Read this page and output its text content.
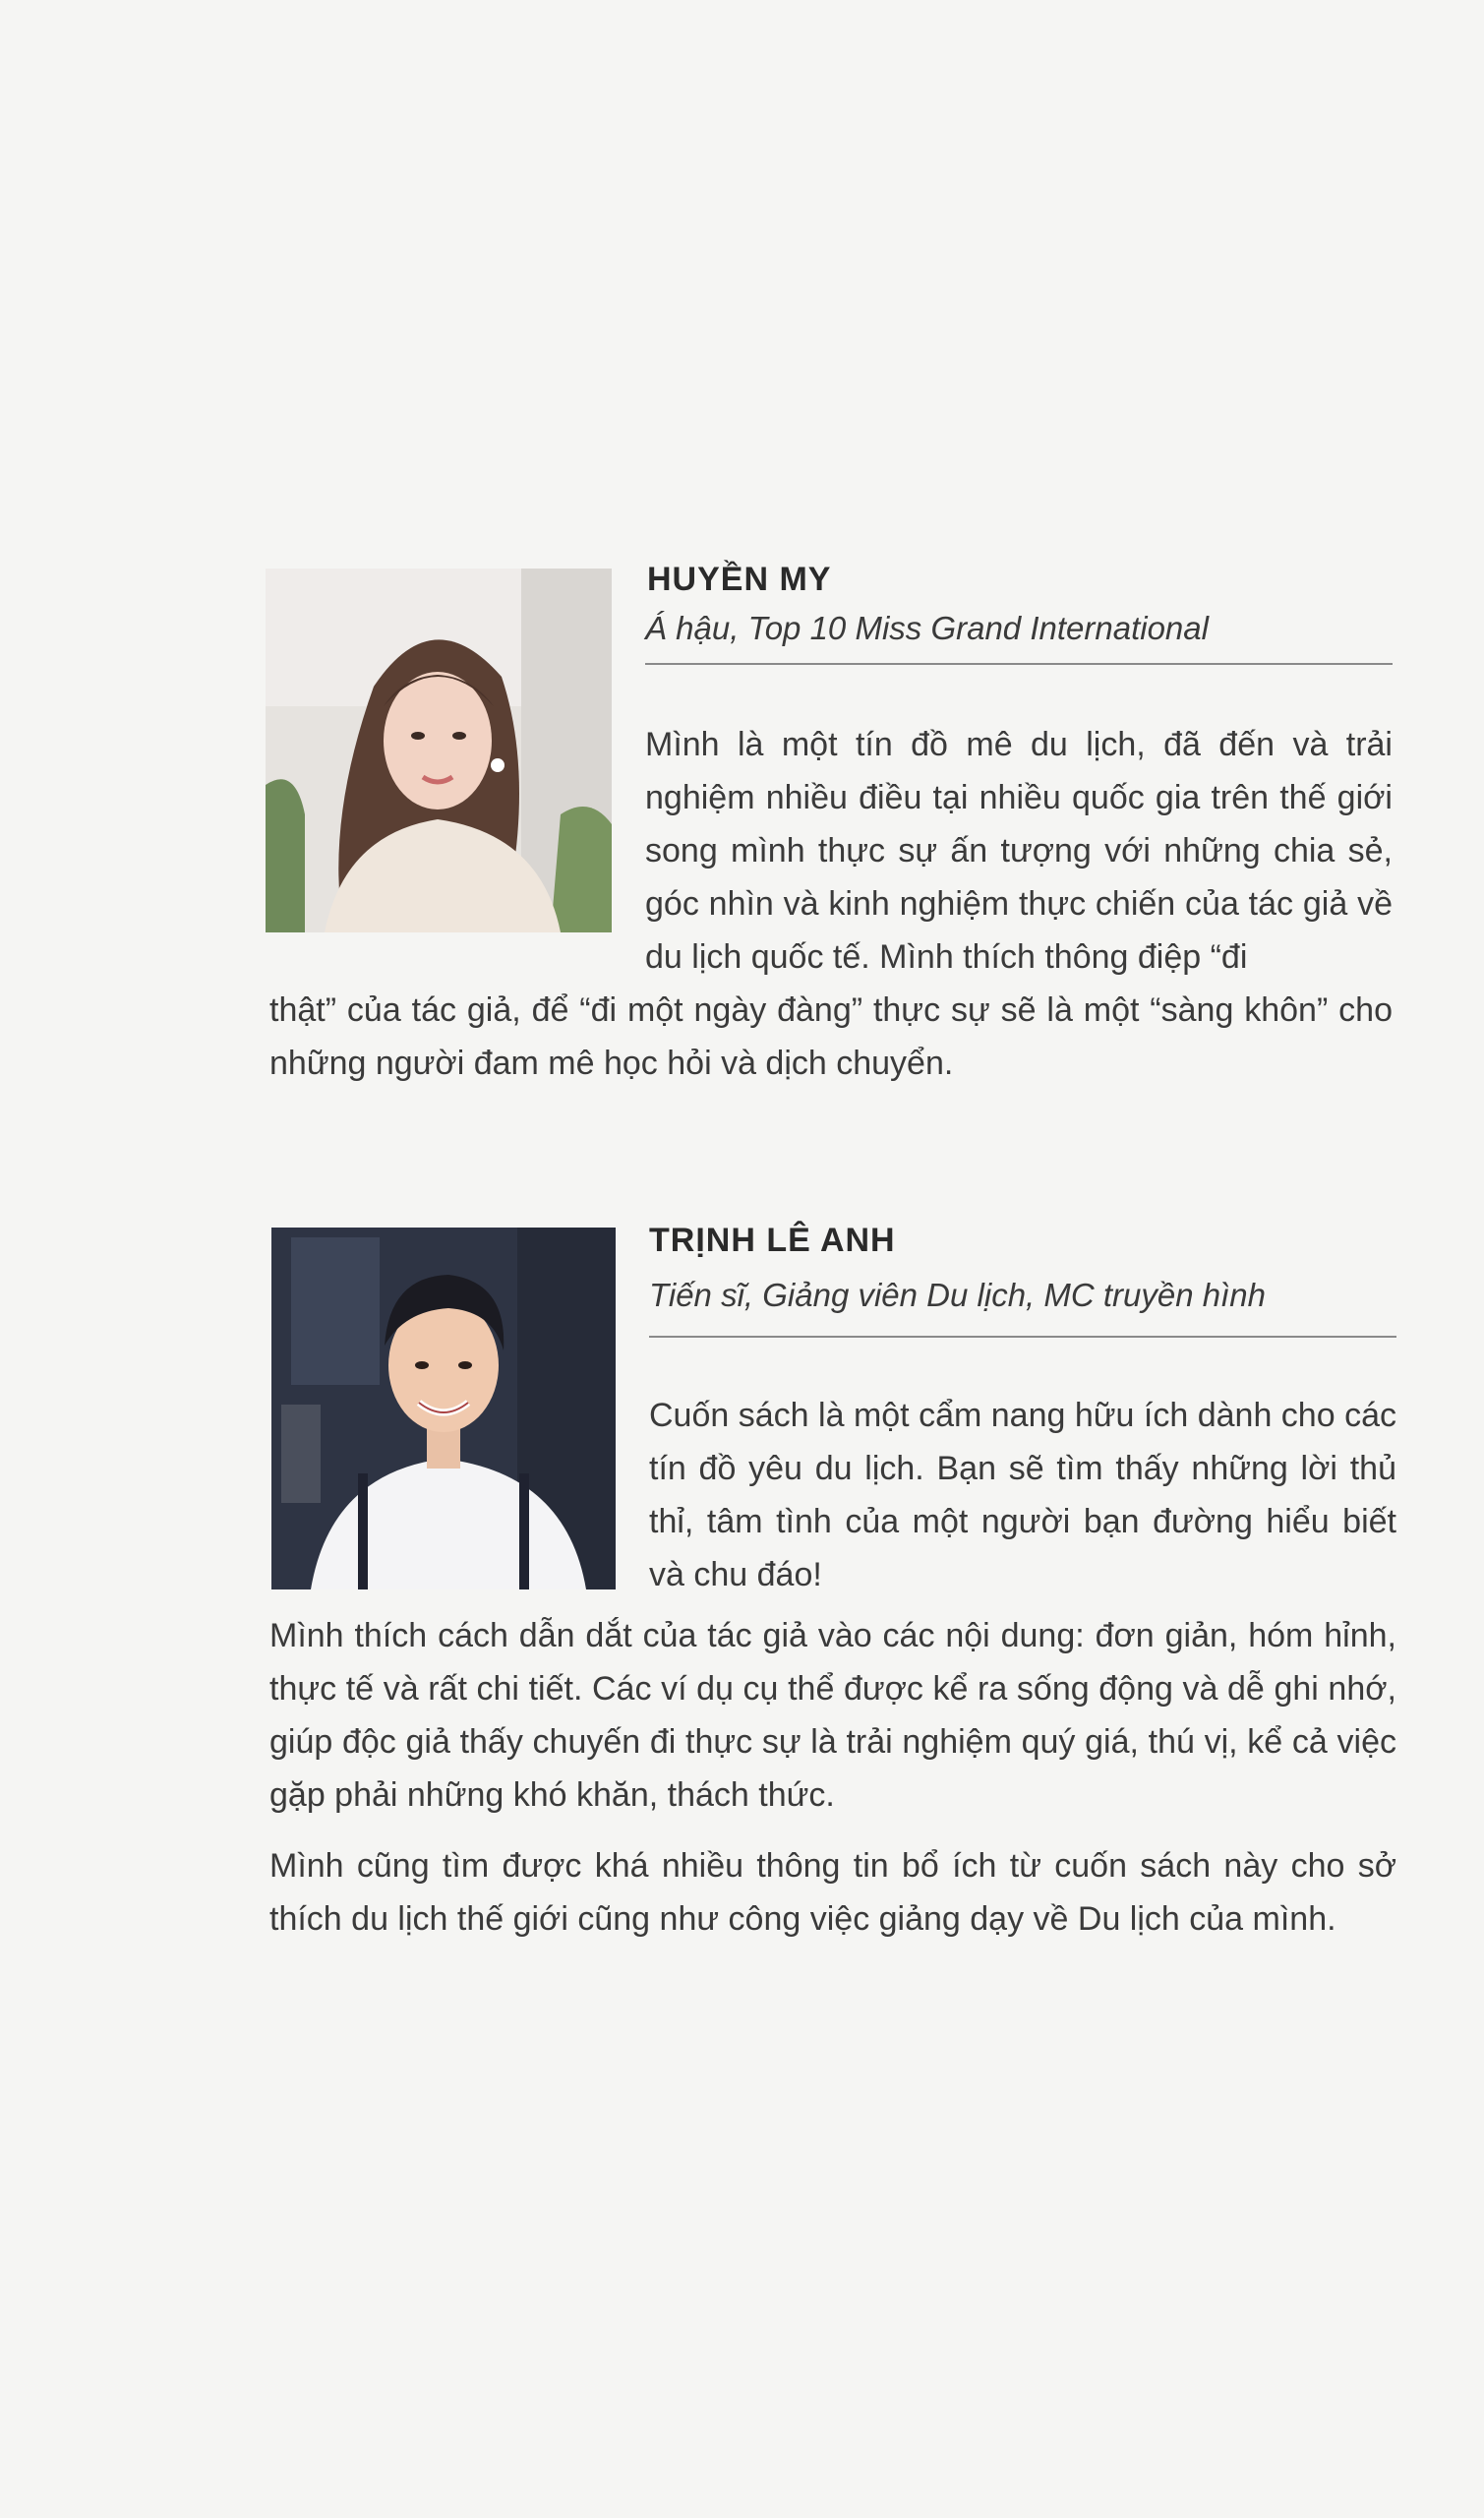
HUYỀN MY
Á hậu, Top 10 Miss Grand International

Mình là một tín đồ mê du lịch, đã đến và trải nghiệm nhiều điều tại nhiều quốc gia trên thế giới song mình thực sự ấn tượng với những chia sẻ, góc nhìn và kinh nghiệm thực chiến của tác giả về du lịch quốc tế. Mình thích thông điệp “đi

thật” của tác giả, để “đi một ngày đàng” thực sự sẽ là một “sàng khôn” cho những người đam mê học hỏi và dịch chuyển.

TRỊNH LÊ ANH
Tiến sĩ, Giảng viên Du lịch, MC truyền hình

Cuốn sách là một cẩm nang hữu ích dành cho các tín đồ yêu du lịch. Bạn sẽ tìm thấy những lời thủ thỉ, tâm tình của một người bạn đường hiểu biết và chu đáo!

Mình thích cách dẫn dắt của tác giả vào các nội dung: đơn giản, hóm hỉnh, thực tế và rất chi tiết. Các ví dụ cụ thể được kể ra sống động và dễ ghi nhớ, giúp độc giả thấy chuyến đi thực sự là trải nghiệm quý giá, thú vị, kể cả việc gặp phải những khó khăn, thách thức.

Mình cũng tìm được khá nhiều thông tin bổ ích từ cuốn sách này cho sở thích du lịch thế giới cũng như công việc giảng dạy về Du lịch của mình.
